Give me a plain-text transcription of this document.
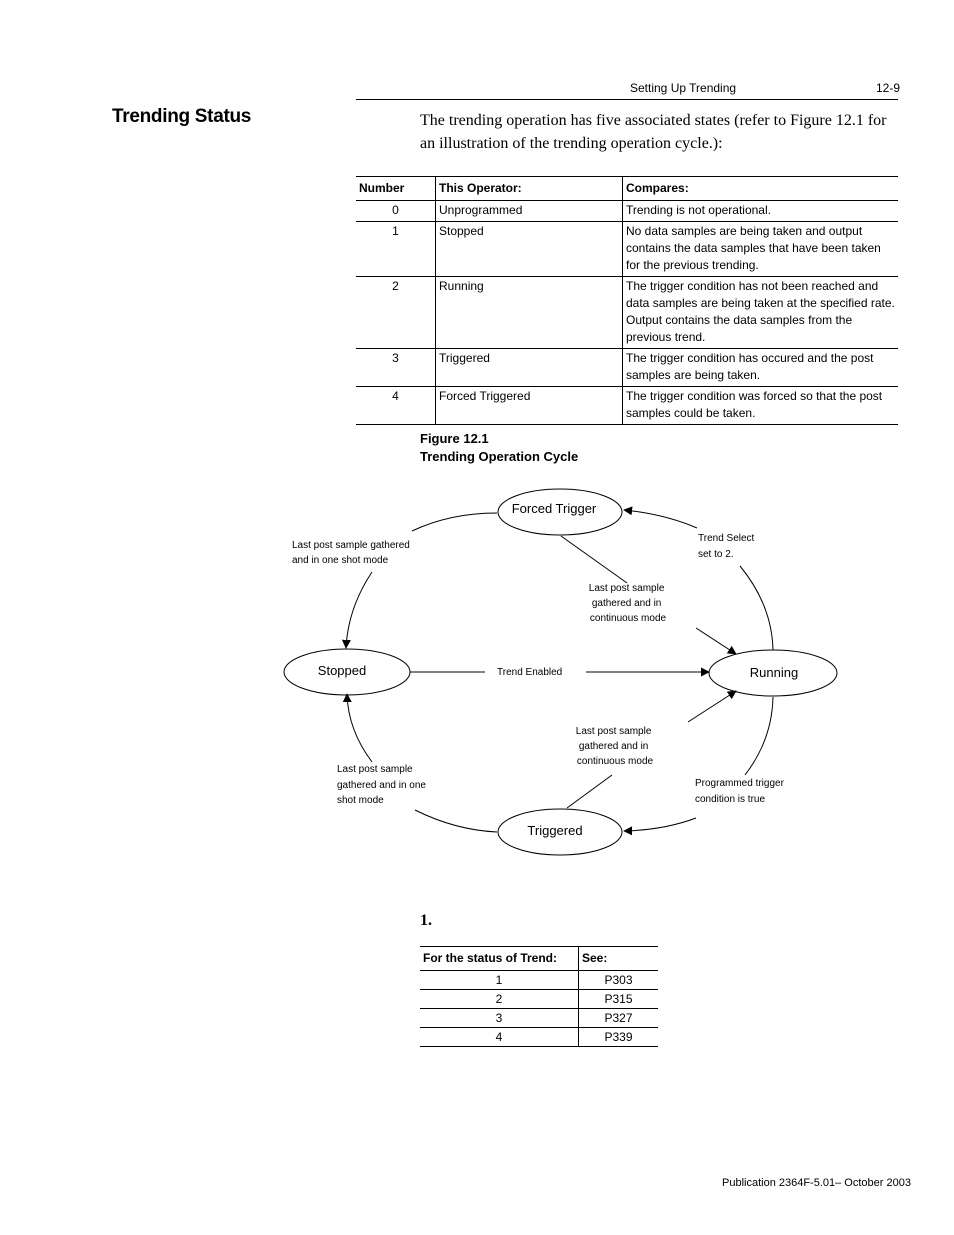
Setting Up Trending	12-9
Trending Status	The trending operation has five associated states (refer to Figure 12.1 for an illustration of the trending operation cycle.):
Number	This Operator:	Compares:
0	Unprogrammed	Trending is not operational.
1	Stopped	No data samples are being taken and output contains the data samples that have been taken for the previous trending.
2	Running	The trigger condition has not been reached and data samples are being taken at the specified rate. Output contains the data samples from the previous trend.
3	Triggered	The trigger condition has occured and the post samples are being taken.
4	Forced Triggered	The trigger condition was forced so that the post samples could be taken.
Figure 12.1
Trending Operation Cycle
Forced Trigger
Stopped	Running
Triggered
Last post sample gathered and in one shot mode
Last post sample gathered and in continuous mode
Trend Select set to 2.
Trend Enabled
Last post sample gathered and in continuous mode
Last post sample gathered and in one shot mode
Programmed trigger condition is true
1.
For the status of Trend:	See:
1	P303
2	P315
3	P327
4	P339
Publication 2364F-5.01– October 2003
